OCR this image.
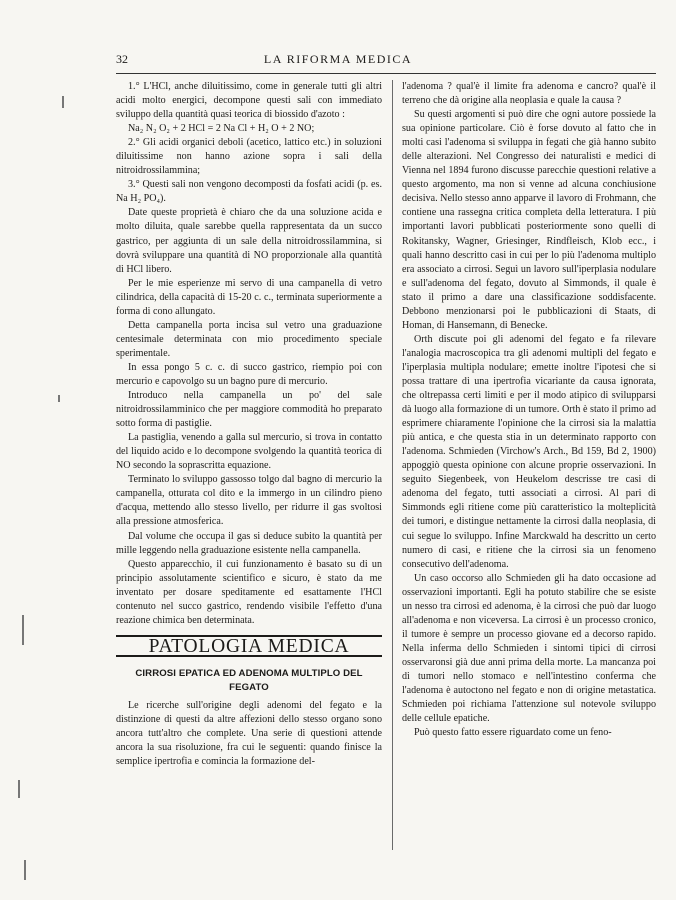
32	LA RIFORMA MEDICA

1.° L'HCl, anche diluitissimo, come in generale tutti gli altri acidi molto energici, decompone questi sali con immediato sviluppo della quantità quasi teorica di biossido d'azoto :

Na₂ N₂ O₂ + 2 HCl = 2 Na Cl + H₂ O + 2 NO;

2.° Gli acidi organici deboli (acetico, lattico etc.) in soluzioni diluitissime non hanno azione sopra i sali della nitroidrossilammina;

3.° Questi sali non vengono decomposti da fosfati acidi (p. es. Na H₂ PO₄).

Date queste proprietà è chiaro che da una soluzione acida e molto diluita, quale sarebbe quella rappresentata da un succo gastrico, per aggiunta di un sale della nitroidrossilammina, si dovrà sviluppare una quantità di NO proporzionale alla quantità di HCl libero.

Per le mie esperienze mi servo di una campanella di vetro cilindrica, della capacità di 15-20 c. c., terminata superiormente a forma di cono allungato.

Detta campanella porta incisa sul vetro una graduazione centesimale determinata con mio procedimento speciale sperimentale.

In essa pongo 5 c. c. di succo gastrico, riempio poi con mercurio e capovolgo su un bagno pure di mercurio.

Introduco nella campanella un po' del sale nitroidrossilamminico che per maggiore commodità ho preparato sotto forma di pastiglie.

La pastiglia, venendo a galla sul mercurio, si trova in contatto del liquido acido e lo decompone svolgendo la quantità teorica di NO secondo la soprascritta equazione.

Terminato lo sviluppo gassosso tolgo dal bagno di mercurio la campanella, otturata col dito e la immergo in un cilindro pieno d'acqua, mettendo allo stesso livello, per ridurre il gas svoltosi alla pressione atmosferica.

Dal volume che occupa il gas si deduce subito la quantità per mille leggendo nella graduazione esistente nella campanella.

Questo apparecchio, il cui funzionamento è basato su di un principio assolutamente scientifico e sicuro, è stato da me inventato per dosare speditamente ed esattamente l'HCl contenuto nel succo gastrico, rendendo visibile l'effetto d'una reazione chimica ben determinata.

PATOLOGIA MEDICA
CIRROSI EPATICA ED ADENOMA MULTIPLO DEL FEGATO

Le ricerche sull'origine degli adenomi del fegato e la distinzione di questi da altre affezioni dello stesso organo sono ancora tutt'altro che complete. Una serie di questioni attende ancora la sua risoluzione, fra cui le seguenti: quando finisce la semplice ipertrofia e comincia la formazione del-

l'adenoma ? qual'è il limite fra adenoma e cancro? qual'è il terreno che dà origine alla neoplasia e quale la causa ?

Su questi argomenti si può dire che ogni autore possiede la sua opinione particolare. Ciò è forse dovuto al fatto che in molti casi l'adenoma si sviluppa in fegati che già hanno subito delle alterazioni. Nel Congresso dei naturalisti e medici di Vienna nel 1894 furono discusse parecchie questioni relative a questo argomento, ma non si venne ad alcuna conchiusione decisiva. Nello stesso anno apparve il lavoro di Frohmann, che contiene una rassegna critica completa della letteratura. I più importanti lavori pubblicati posteriormente sono quelli di Rokitansky, Wagner, Griesinger, Rindfleisch, Klob ecc., i quali hanno descritto casi in cui per lo più l'adenoma multiplo era associato a cirrosi. Seguì un lavoro sull'iperplasia nodulare e sull'adenoma del fegato, dovuto al Simmonds, il quale è stato il primo a dare una classificazione soddisfacente. Debbono menzionarsi poi le pubblicazioni di Staats, di Homan, di Hansemann, di Benecke.

Orth discute poi gli adenomi del fegato e fa rilevare l'analogia macroscopica tra gli adenomi multipli del fegato e l'iperplasia multipla nodulare; emette inoltre l'ipotesi che si possa trattare di una ipertrofia vicariante da causa ignorata, che oltrepassa certi limiti e per il modo atipico di svilupparsi dà luogo alla formazione di un tumore. Orth è stato il primo ad esprimere chiaramente l'opinione che la cirrosi sia la malattia più antica, e che questa stia in un determinato rapporto con l'adenoma. Schmieden (Virchow's Arch., Bd 159, Bd 2, 1900) appoggiò questa opinione con alcune proprie osservazioni. In seguito Siegenbeek, von Heukelom descrisse tre casi di adenoma del fegato, tutti associati a cirrosi. Al pari di Simmonds egli ritiene come più caratteristico la molteplicità dei tumori, e distingue nettamente la cirrosi dalla neoplasia, di cui segue lo sviluppo. Infine Marckwald ha descritto un certo numero di casi, e ritiene che la cirrosi sia un fenomeno consecutivo dell'adenoma.

Un caso occorso allo Schmieden gli ha dato occasione ad osservazioni importanti. Egli ha potuto stabilire che se esiste un nesso tra cirrosi ed adenoma, è la cirrosi che può dar luogo all'adenoma e non viceversa. La cirrosi è un processo cronico, il tumore è sempre un processo giovane ed a decorso rapido. Nella inferma dello Schmieden i sintomi tipici di cirrosi osservaronsi già due anni prima della morte. La mancanza poi di tumori nello stomaco e nell'intestino conferma che l'adenoma è autoctono nel fegato e non di origine metastatica. Schmieden poi richiama l'attenzione sul notevole sviluppo delle cellule epatiche.

Può questo fatto essere riguardato come un feno-
